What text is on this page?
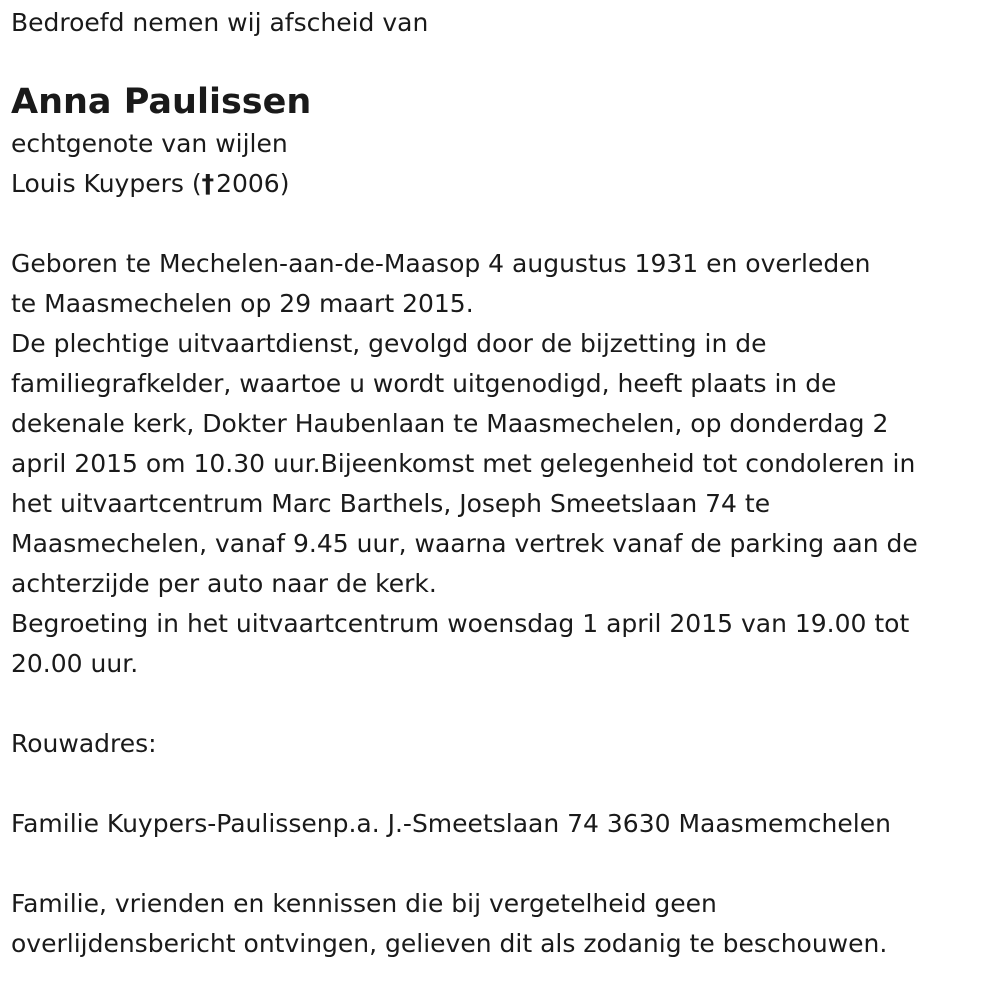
Bedroefd nemen wij afscheid van
Anna Paulissen
echtgenote van wijlen
Louis Kuypers (†2006)
Geboren te Mechelen-aan-de-Maasop 4 augustus 1931 en overleden
te Maasmechelen op 29 maart 2015.
De plechtige uitvaartdienst, gevolgd door de bijzetting in de
familiegrafkelder, waartoe u wordt uitgenodigd, heeft plaats in de
dekenale kerk, Dokter Haubenlaan te Maasmechelen, op donderdag 2
april 2015 om 10.30 uur.Bijeenkomst met gelegenheid tot condoleren in
het uitvaartcentrum Marc Barthels, Joseph Smeetslaan 74 te
Maasmechelen, vanaf 9.45 uur, waarna vertrek vanaf de parking aan de
achterzijde per auto naar de kerk.
Begroeting in het uitvaartcentrum woensdag 1 april 2015 van 19.00 tot
20.00 uur.
Rouwadres:
Familie Kuypers-Paulissenp.a. J.-Smeetslaan 74 3630 Maasmemchelen
Familie, vrienden en kennissen die bij vergetelheid geen
overlijdensbericht ontvingen, gelieven dit als zodanig te beschouwen.
